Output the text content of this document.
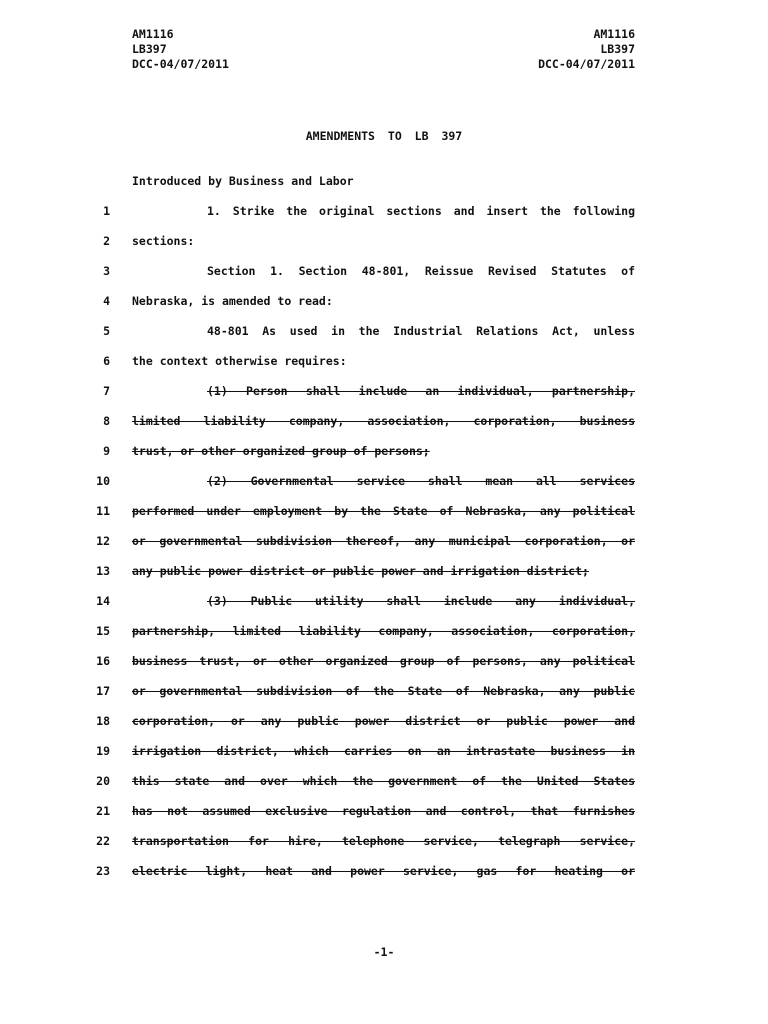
AM1116
LB397
DCC-04/07/2011
AM1116
LB397
DCC-04/07/2011
AMENDMENTS TO LB 397
Introduced by Business and Labor
1	1. Strike the original sections and insert the following
2 sections:
3	Section 1. Section 48-801, Reissue Revised Statutes of
4 Nebraska, is amended to read:
5	48-801 As used in the Industrial Relations Act, unless
6 the context otherwise requires:
7	(1) Person shall include an individual, partnership,
8 limited liability company, association, corporation, business
9 trust, or other organized group of persons;
10	(2) Governmental service shall mean all services
11 performed under employment by the State of Nebraska, any political
12 or governmental subdivision thereof, any municipal corporation, or
13 any public power district or public power and irrigation district;
14	(3) Public utility shall include any individual,
15 partnership, limited liability company, association, corporation,
16 business trust, or other organized group of persons, any political
17 or governmental subdivision of the State of Nebraska, any public
18 corporation, or any public power district or public power and
19 irrigation district, which carries on an intrastate business in
20 this state and over which the government of the United States
21 has not assumed exclusive regulation and control, that furnishes
22 transportation for hire, telephone service, telegraph service,
23 electric light, heat and power service, gas for heating or
-1-
